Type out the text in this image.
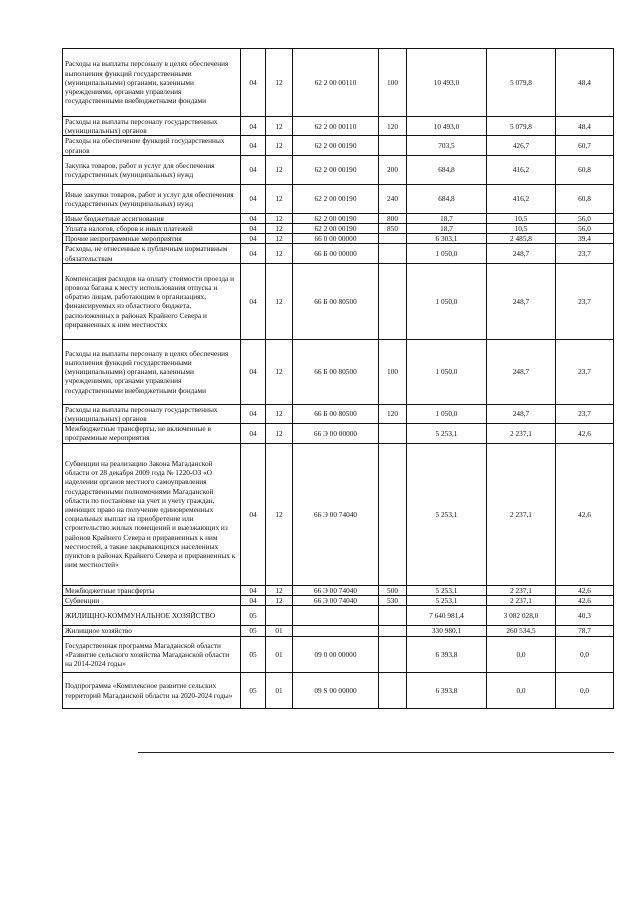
Расходы на выплаты персоналу в целях обеспечения выполнения функций государственными (муниципальными) органами, казенными учреждениями, органами управления государственными внебюджетными фондами	04	12	62 2 00 00110	100	10 493,0	5 079,8	48,4
Расходы на выплаты персоналу государственных (муниципальных) органов	04	12	62 2 00 00110	120	10 493,0	5 079,8	48,4
Расходы на обеспечение функций государственных органов	04	12	62 2 00 00190		703,5	426,7	60,7
Закупка товаров, работ и услуг для обеспечения государственных (муниципальных) нужд	04	12	62 2 00 00190	200	684,8	416,2	60,8
Иные закупки товаров, работ и услуг для обеспечения государственных (муниципальных) нужд	04	12	62 2 00 00190	240	684,8	416,2	60,8
Иные бюджетные ассигнования	04	12	62 2 00 00190	800	18,7	10,5	56,0
Уплата налогов, сборов и иных платежей	04	12	62 2 00 00190	850	18,7	10,5	56,0
Прочие непрограммные мероприятия	04	12	66 0 00 00000		6 303,1	2 485,8	39,4
Расходы, не отнесенные к публичным нормативным обязательствам	04	12	66 Б 00 00000		1 050,0	248,7	23,7
Компенсация расходов на оплату стоимости проезда и провоза багажа к месту использования отпуска и обратно лицам, работающим в организациях, финансируемых из областного бюджета, расположенных в районах Крайнего Севера и приравненных к ним местностях	04	12	66 Б 00 80500		1 050,0	248,7	23,7
Расходы на выплаты персоналу в целях обеспечения выполнения функций государственными (муниципальными) органами, казенными учреждениями, органами управления государственными внебюджетными фондами	04	12	66 Б 00 80500	100	1 050,0	248,7	23,7
Расходы на выплаты персоналу государственных (муниципальных) органов	04	12	66 Б 00 80500	120	1 050,0	248,7	23,7
Межбюджетные трансферты, не включенные в программные мероприятия	04	12	66 Э 00 00000		5 253,1	2 237,1	42,6
Субвенции на реализацию Закона Магаданской области от 28 декабря 2009 года № 1220-ОЗ «О наделении органов местного самоуправления государственными полномочиями Магаданской области по постановке на учет и учету граждан, имеющих право на получение единовременных социальных выплат на приобретение или строительство жилых помещений и выезжающих из районов Крайнего Севера и приравненных к ним местностей, а также закрывающихся населенных пунктов в районах Крайнего Севера и приравненных к ним местностей»	04	12	66 Э 00 74040		5 253,1	2 237,1	42,6
Межбюджетные трансферты	04	12	66 Э 00 74040	500	5 253,1	2 237,1	42,6
Субвенции	04	12	66 Э 00 74040	530	5 253,1	2 237,1	42,6
ЖИЛИЩНО-КОММУНАЛЬНОЕ ХОЗЯЙСТВО	05				7 640 981,4	3 082 028,0	40,3
Жилищное хозяйство	05	01			330 980,1	260 534,5	78,7
Государственная программа Магаданской области «Развитие сельского хозяйства Магаданской области на 2014-2024 годы»	05	01	09 0 00 00000		6 393,8	0,0	0,0
Подпрограмма «Комплексное развитие сельских территорий Магаданской области на 2020-2024 годы»	05	01	09 S 00 00000		6 393,8	0,0	0,0
